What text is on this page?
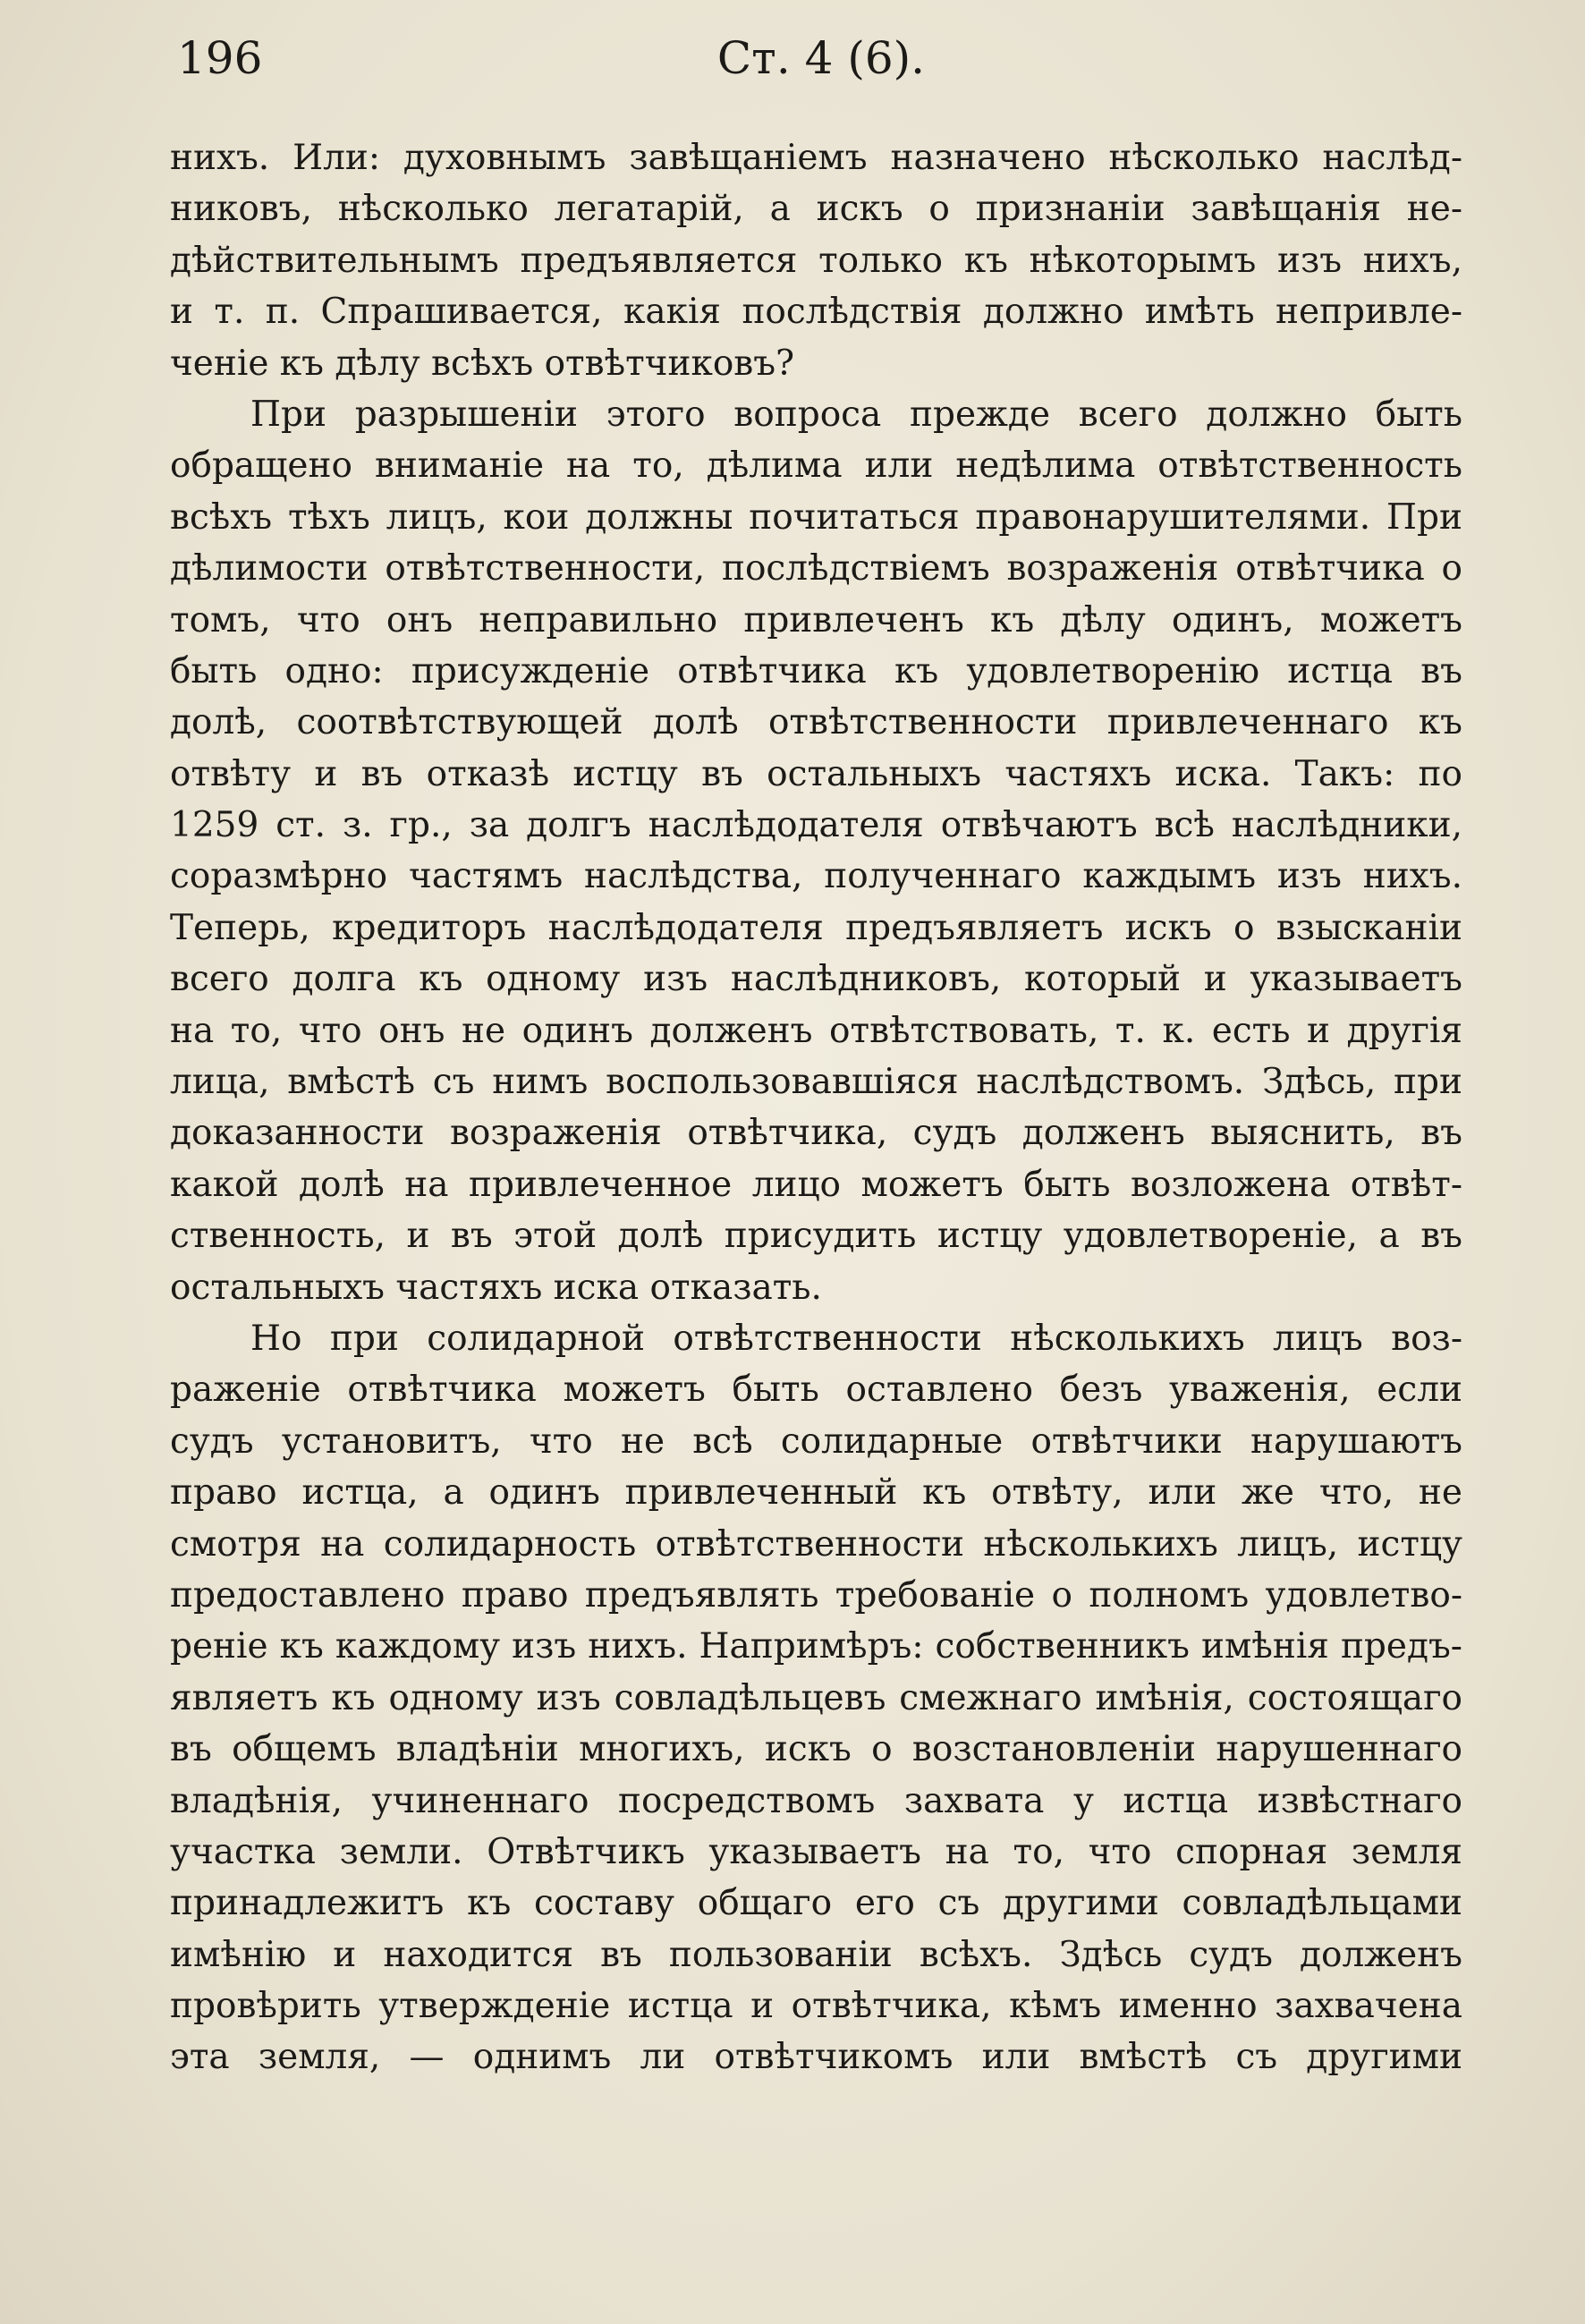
196	Ст. 4 (6).
нихъ. Или: духовнымъ завѣщаніемъ назначено нѣсколько наслѣд-
никовъ, нѣсколько легатарій, а искъ о признаніи завѣщанія не-
дѣйствительнымъ предъявляется только къ нѣкоторымъ изъ нихъ,
и т. п. Спрашивается, какія послѣдствія должно имѣть непривле-
ченіе къ дѣлу всѣхъ отвѣтчиковъ?
При разрышеніи этого вопроса прежде всего должно быть
обращено вниманіе на то, дѣлима или недѣлима отвѣтственность
всѣхъ тѣхъ лицъ, кои должны почитаться правонарушителями. При
дѣлимости отвѣтственности, послѣдствіемъ возраженія отвѣтчика о
томъ, что онъ неправильно привлеченъ къ дѣлу одинъ, можетъ
быть одно: присужденіе отвѣтчика къ удовлетворенію истца въ
долѣ, соотвѣтствующей долѣ отвѣтственности привлеченнаго къ
отвѣту и въ отказѣ истцу въ остальныхъ частяхъ иска. Такъ: по
1259 ст. з. гр., за долгъ наслѣдодателя отвѣчаютъ всѣ наслѣдники,
соразмѣрно частямъ наслѣдства, полученнаго каждымъ изъ нихъ.
Теперь, кредиторъ наслѣдодателя предъявляетъ искъ о взысканіи
всего долга къ одному изъ наслѣдниковъ, который и указываетъ
на то, что онъ не одинъ долженъ отвѣтствовать, т. к. есть и другія
лица, вмѣстѣ съ нимъ воспользовавшіяся наслѣдствомъ. Здѣсь, при
доказанности возраженія отвѣтчика, судъ долженъ выяснить, въ
какой долѣ на привлеченное лицо можетъ быть возложена отвѣт-
ственность, и въ этой долѣ присудить истцу удовлетвореніе, а въ
остальныхъ частяхъ иска отказать.
Но при солидарной отвѣтственности нѣсколькихъ лицъ воз-
раженіе отвѣтчика можетъ быть оставлено безъ уваженія, если
судъ установитъ, что не всѣ солидарные отвѣтчики нарушаютъ
право истца, а одинъ привлеченный къ отвѣту, или же что, не
смотря на солидарность отвѣтственности нѣсколькихъ лицъ, истцу
предоставлено право предъявлять требованіе о полномъ удовлетво-
реніе къ каждому изъ нихъ. Напримѣръ: собственникъ имѣнія предъ-
являетъ къ одному изъ совладѣльцевъ смежнаго имѣнія, состоящаго
въ общемъ владѣніи многихъ, искъ о возстановленіи нарушеннаго
владѣнія, учиненнаго посредствомъ захвата у истца извѣстнаго
участка земли. Отвѣтчикъ указываетъ на то, что спорная земля
принадлежитъ къ составу общаго его съ другими совладѣльцами
имѣнію и находится въ пользованіи всѣхъ. Здѣсь судъ долженъ
провѣрить утвержденіе истца и отвѣтчика, кѣмъ именно захвачена
эта земля, — однимъ ли отвѣтчикомъ или вмѣстѣ съ другими
